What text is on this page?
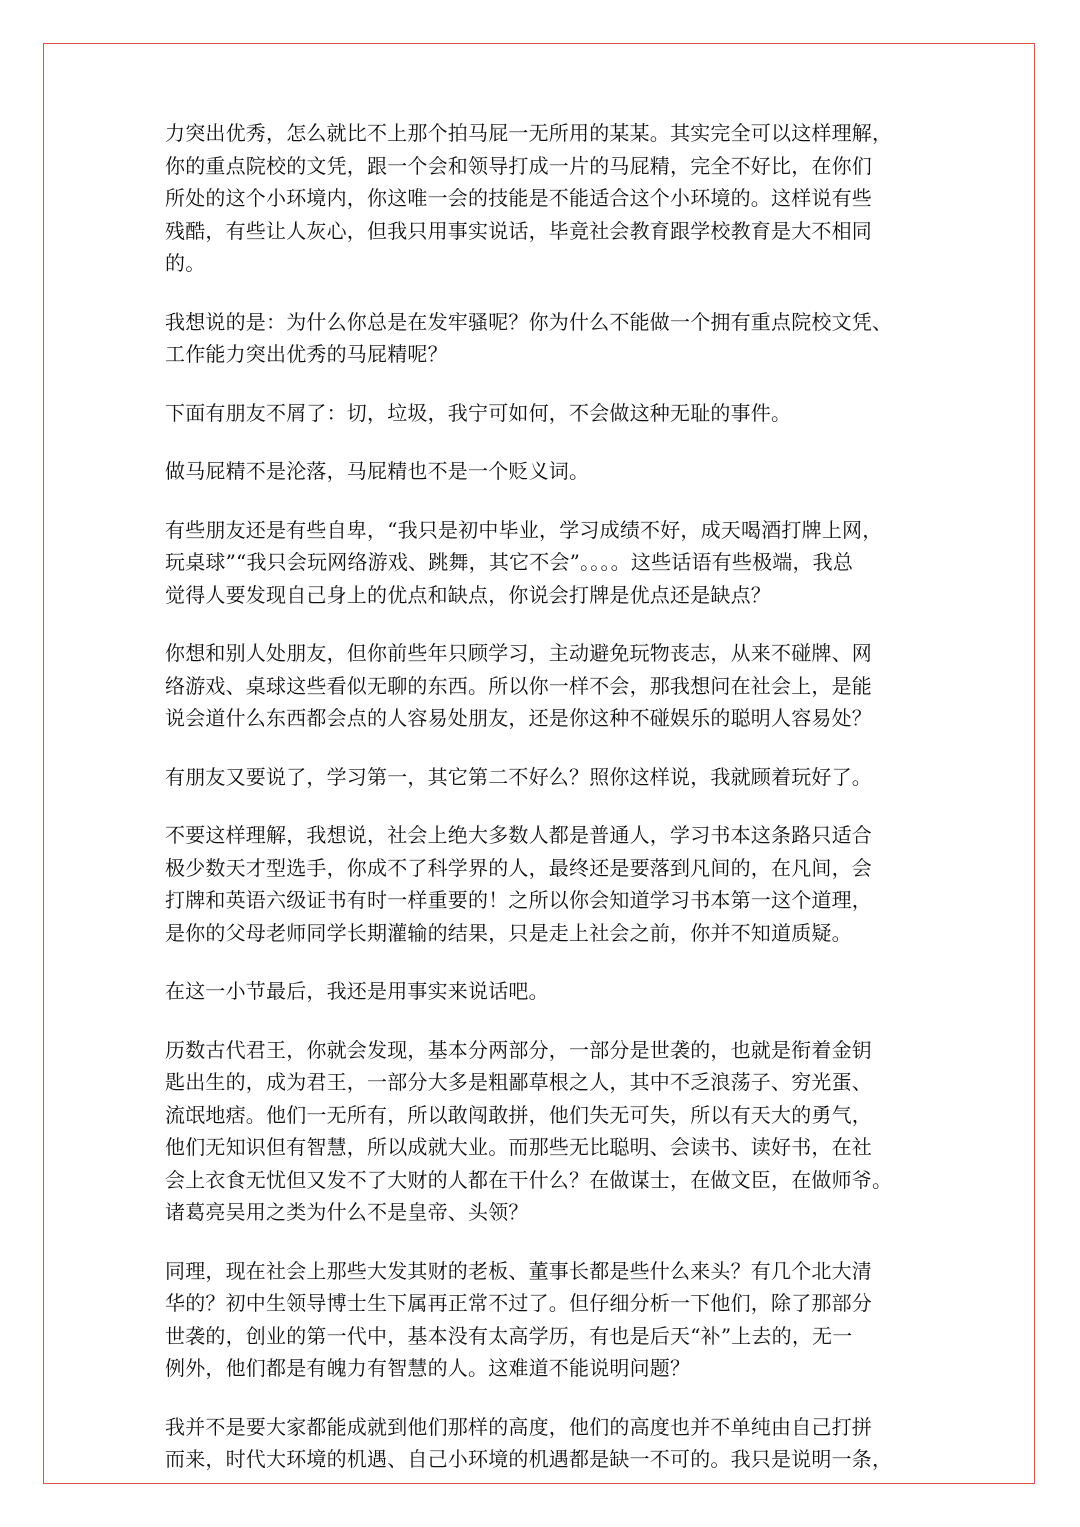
力突出优秀，怎么就比不上那个拍马屁一无所用的某某。其实完全可以这样理解，
你的重点院校的文凭，跟一个会和领导打成一片的马屁精，完全不好比，在你们
所处的这个小环境内，你这唯一会的技能是不能适合这个小环境的。这样说有些
残酷，有些让人灰心，但我只用事实说话，毕竟社会教育跟学校教育是大不相同
的。
我想说的是：为什么你总是在发牢骚呢？你为什么不能做一个拥有重点院校文凭、
工作能力突出优秀的马屁精呢？
下面有朋友不屑了：切，垃圾，我宁可如何，不会做这种无耻的事件。
做马屁精不是沦落，马屁精也不是一个贬义词。
有些朋友还是有些自卑，“我只是初中毕业，学习成绩不好，成天喝酒打牌上网，
玩桌球”“我只会玩网络游戏、跳舞，其它不会”。。。。这些话语有些极端，我总
觉得人要发现自己身上的优点和缺点，你说会打牌是优点还是缺点？
你想和别人处朋友，但你前些年只顾学习，主动避免玩物丧志，从来不碰牌、网
络游戏、桌球这些看似无聊的东西。所以你一样不会，那我想问在社会上，是能
说会道什么东西都会点的人容易处朋友，还是你这种不碰娱乐的聪明人容易处？
有朋友又要说了，学习第一，其它第二不好么？照你这样说，我就顾着玩好了。
不要这样理解，我想说，社会上绝大多数人都是普通人，学习书本这条路只适合
极少数天才型选手，你成不了科学界的人，最终还是要落到凡间的，在凡间，会
打牌和英语六级证书有时一样重要的！之所以你会知道学习书本第一这个道理，
是你的父母老师同学长期灌输的结果，只是走上社会之前，你并不知道质疑。
在这一小节最后，我还是用事实来说话吧。
历数古代君王，你就会发现，基本分两部分，一部分是世袭的，也就是衔着金钥
匙出生的，成为君王，一部分大多是粗鄙草根之人，其中不乏浪荡子、穷光蛋、
流氓地痞。他们一无所有，所以敢闯敢拼，他们失无可失，所以有天大的勇气，
他们无知识但有智慧，所以成就大业。而那些无比聪明、会读书、读好书，在社
会上衣食无忧但又发不了大财的人都在干什么？在做谋士，在做文臣，在做师爷。
诸葛亮吴用之类为什么不是皇帝、头领？
同理，现在社会上那些大发其财的老板、董事长都是些什么来头？有几个北大清
华的？初中生领导博士生下属再正常不过了。但仔细分析一下他们，除了那部分
世袭的，创业的第一代中，基本没有太高学历，有也是后天“补”上去的，无一
例外，他们都是有魄力有智慧的人。这难道不能说明问题？
我并不是要大家都能成就到他们那样的高度，他们的高度也并不单纯由自己打拼
而来，时代大环境的机遇、自己小环境的机遇都是缺一不可的。我只是说明一条，
